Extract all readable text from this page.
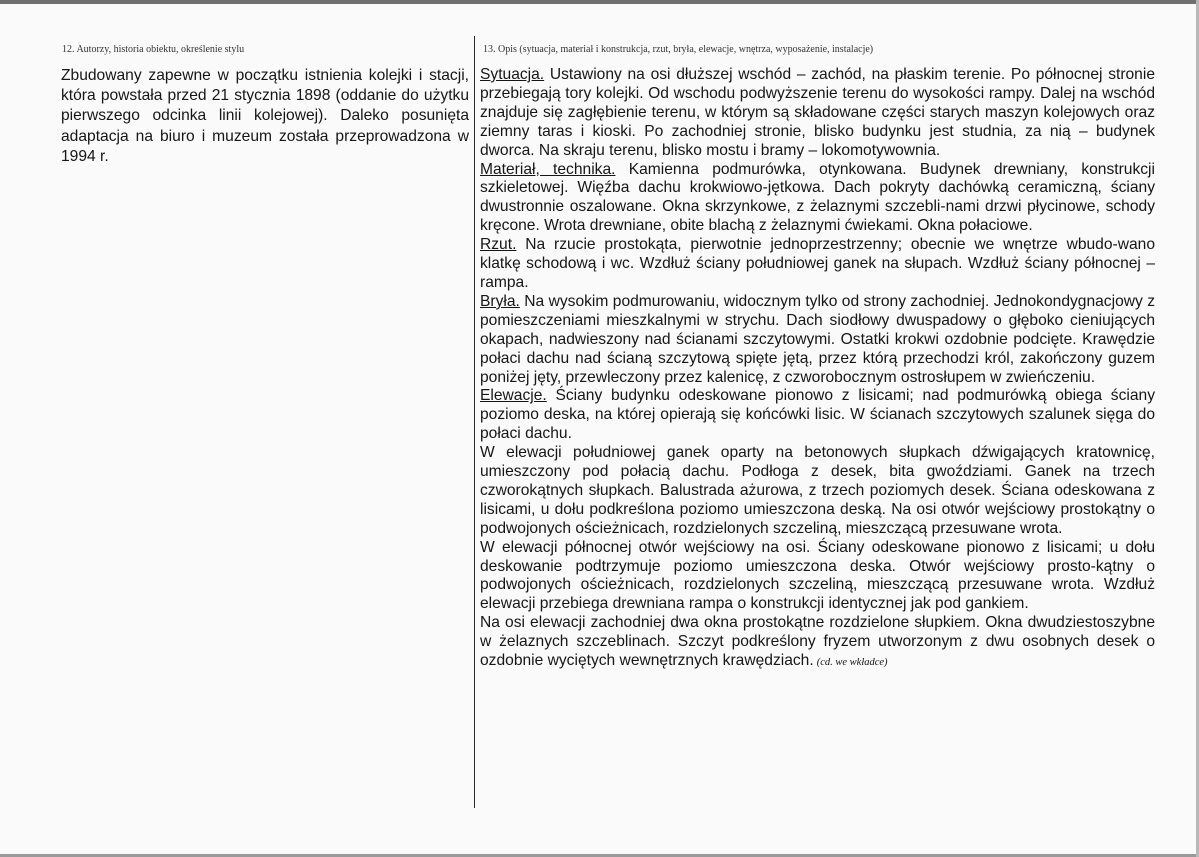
12. Autorzy, historia obiektu, określenie stylu	13. Opis (sytuacja, materiał i konstrukcja, rzut, bryła, elewacje, wnętrza, wyposażenie, instalacje)

Zbudowany zapewne w początku istnienia kolejki i stacji, która powstała przed 21 stycznia 1898 (oddanie do użytku pierwszego odcinka linii kolejowej). Daleko posunięta adaptacja na biuro i muzeum została przeprowadzona w 1994 r.

Sytuacja. Ustawiony na osi dłuższej wschód – zachód, na płaskim terenie. Po północnej stronie przebiegają tory kolejki. Od wschodu podwyższenie terenu do wysokości rampy. Dalej na wschód znajduje się zagłębienie terenu, w którym są składowane części starych maszyn kolejowych oraz ziemny taras i kioski. Po zachodniej stronie, blisko budynku jest studnia, za nią – budynek dworca. Na skraju terenu, blisko mostu i bramy – lokomotywownia.

Materiał, technika. Kamienna podmurówka, otynkowana. Budynek drewniany, konstrukcji szkieletowej. Więźba dachu krokwiowo-jętkowa. Dach pokryty dachówką ceramiczną, ściany dwustronnie oszalowane. Okna skrzynkowe, z żelaznymi szczebli-nami drzwi płycinowe, schody kręcone. Wrota drewniane, obite blachą z żelaznymi ćwiekami. Okna połaciowe.

Rzut. Na rzucie prostokąta, pierwotnie jednoprzestrzenny; obecnie we wnętrze wbudo-wano klatkę schodową i wc. Wzdłuż ściany południowej ganek na słupach. Wzdłuż ściany północnej – rampa.

Bryła. Na wysokim podmurowaniu, widocznym tylko od strony zachodniej. Jednokondygnacjowy z pomieszczeniami mieszkalnymi w strychu. Dach siodłowy dwuspadowy o głęboko cieniujących okapach, nadwieszony nad ścianami szczytowymi. Ostatki krokwi ozdobnie podcięte. Krawędzie połaci dachu nad ścianą szczytową spięte jętą, przez którą przechodzi król, zakończony guzem poniżej jęty, przewleczony przez kalenicę, z czworobocznym ostrosłupem w zwieńczeniu.

Elewacje. Ściany budynku odeskowane pionowo z lisicami; nad podmurówką obiega ściany poziomo deska, na której opierają się końcówki lisic. W ścianach szczytowych szalunek sięga do połaci dachu.

W elewacji południowej ganek oparty na betonowych słupkach dźwigających kratownicę, umieszczony pod połacią dachu. Podłoga z desek, bita gwoździami. Ganek na trzech czworokątnych słupkach. Balustrada ażurowa, z trzech poziomych desek. Ściana odeskowana z lisicami, u dołu podkreślona poziomo umieszczona deską. Na osi otwór wejściowy prostokątny o podwojonych ościeżnicach, rozdzielonych szczeliną, mieszczącą przesuwane wrota.

W elewacji północnej otwór wejściowy na osi. Ściany odeskowane pionowo z lisicami; u dołu deskowanie podtrzymuje poziomo umieszczona deska. Otwór wejściowy prosto-kątny o podwojonych ościeżnicach, rozdzielonych szczeliną, mieszczącą przesuwane wrota. Wzdłuż elewacji przebiega drewniana rampa o konstrukcji identycznej jak pod gankiem.

Na osi elewacji zachodniej dwa okna prostokątne rozdzielone słupkiem. Okna dwudziestoszybne w żelaznych szczeblinach. Szczyt podkreślony fryzem utworzonym z dwu osobnych desek o ozdobnie wyciętych wewnętrznych krawędziach. (cd. we wkładce)
